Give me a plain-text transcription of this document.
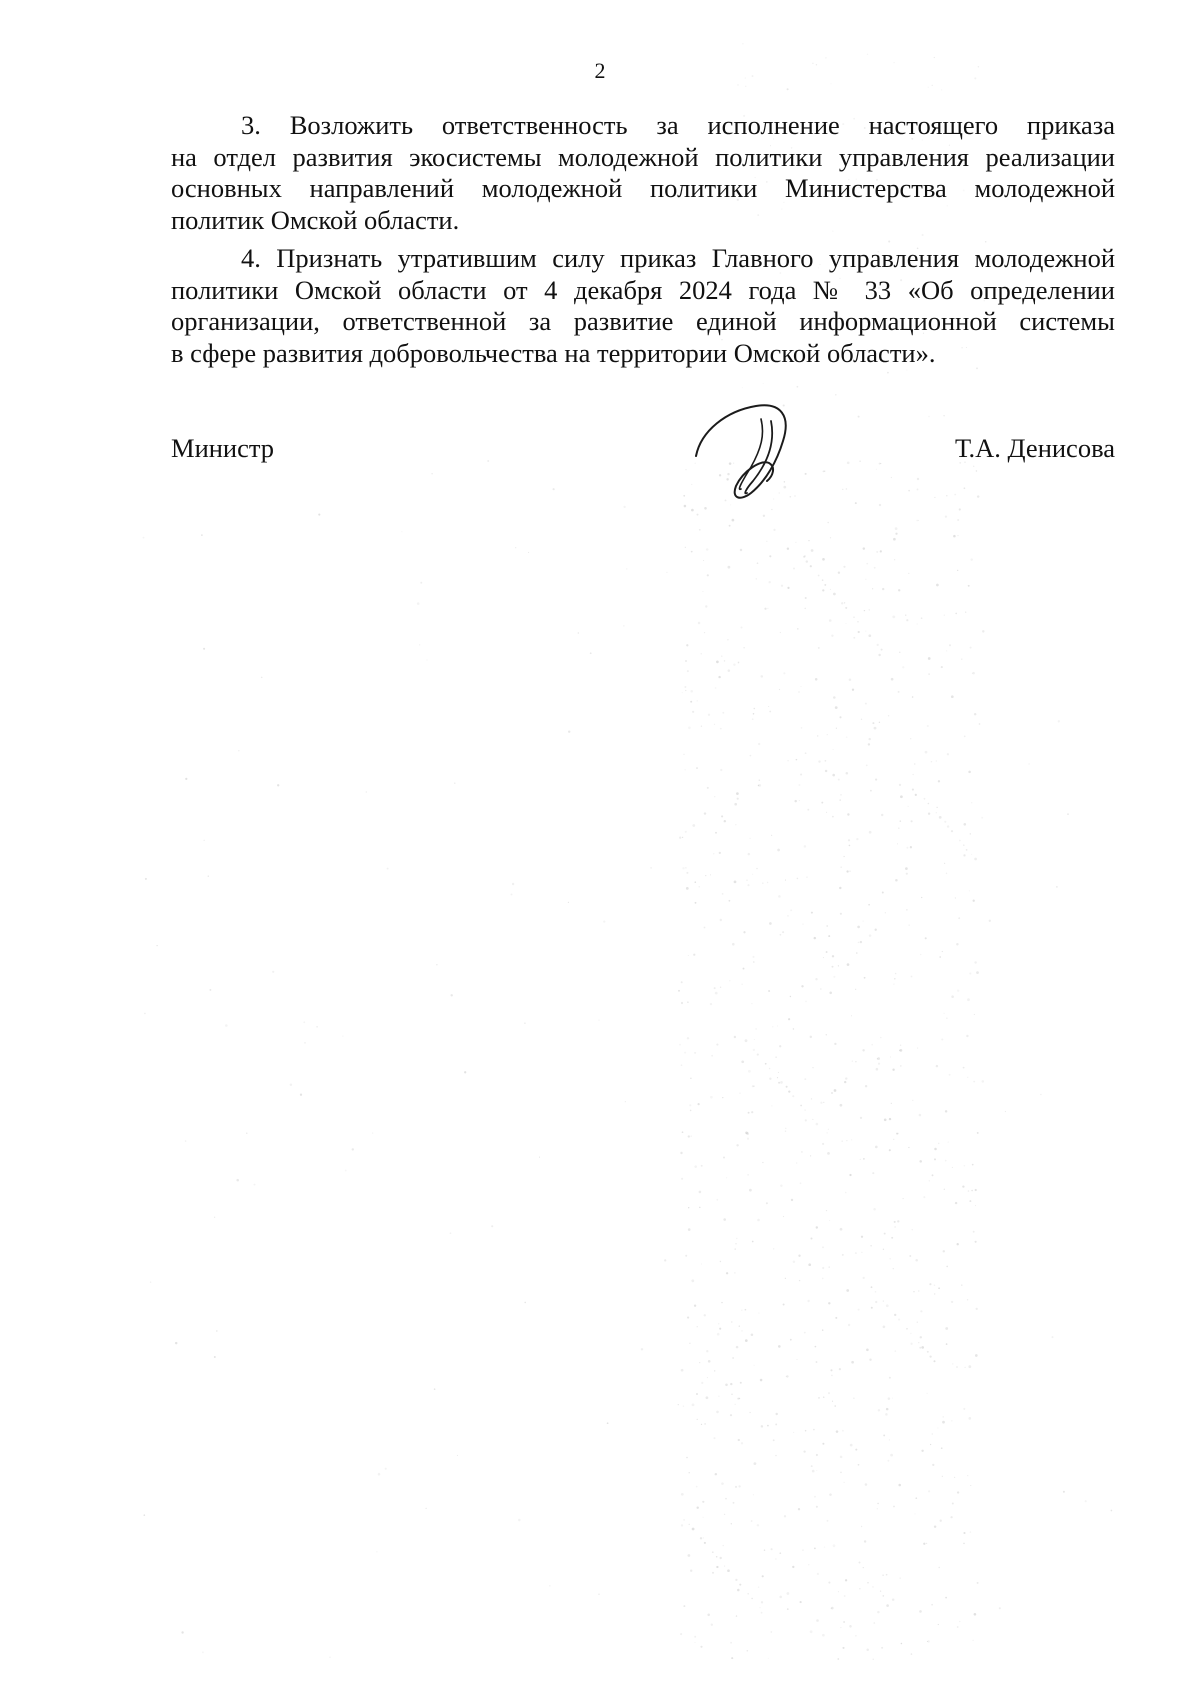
2
3. Возложить ответственность за исполнение настоящего приказа
на отдел развития экосистемы молодежной политики управления реализации
основных направлений молодежной политики Министерства молодежной
политик Омской области.
4. Признать утратившим силу приказ Главного управления молодежной
политики Омской области от 4 декабря 2024 года № 33 «Об определении
организации, ответственной за развитие единой информационной системы
в сфере развития добровольчества на территории Омской области».
Министр	Т.А. Денисова
